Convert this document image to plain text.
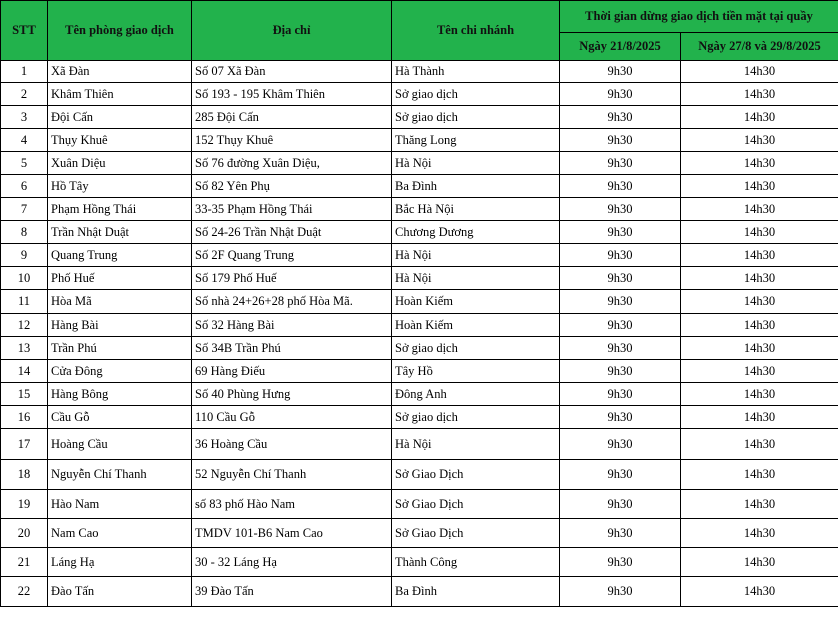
STT	Tên phòng giao dịch	Địa chỉ	Tên chi nhánh	Thời gian dừng giao dịch tiền mặt tại quầy	
				Ngày 21/8/2025	Ngày 27/8 và 29/8/2025
1	Xã Đàn	Số 07 Xã Đàn	Hà Thành	9h30	14h30
2	Khâm Thiên	Số 193 - 195 Khâm Thiên	Sở giao dịch	9h30	14h30
3	Đội Cấn	285 Đội Cấn	Sở giao dịch	9h30	14h30
4	Thụy Khuê	152 Thụy Khuê	Thăng Long	9h30	14h30
5	Xuân Diệu	Số 76 đường Xuân Diệu,	Hà Nội	9h30	14h30
6	Hồ Tây	Số 82 Yên Phụ	Ba Đình	9h30	14h30
7	Phạm Hồng Thái	33-35 Phạm Hồng Thái	Bắc Hà Nội	9h30	14h30
8	Trần Nhật Duật	Số 24-26 Trần Nhật Duật	Chương Dương	9h30	14h30
9	Quang Trung	Số 2F Quang Trung	Hà Nội	9h30	14h30
10	Phố Huế	Số 179 Phố Huế	Hà Nội	9h30	14h30
11	Hòa Mã	Số nhà 24+26+28 phố Hòa Mã.	Hoàn Kiếm	9h30	14h30
12	Hàng Bài	Số 32 Hàng Bài	Hoàn Kiếm	9h30	14h30
13	Trần Phú	Số 34B Trần Phú	Sở giao dịch	9h30	14h30
14	Cửa Đông	69 Hàng Điếu	Tây Hồ	9h30	14h30
15	Hàng Bông	Số 40 Phùng Hưng	Đông Anh	9h30	14h30
16	Cầu Gỗ	110 Cầu Gỗ	Sở giao dịch	9h30	14h30
17	Hoàng Cầu	36 Hoàng Cầu	Hà Nội	9h30	14h30
18	Nguyễn Chí Thanh	52 Nguyễn Chí Thanh	Sở Giao Dịch	9h30	14h30
19	Hào Nam	số 83 phố Hào Nam	Sở Giao Dịch	9h30	14h30
20	Nam Cao	TMDV 101-B6 Nam Cao	Sở Giao Dịch	9h30	14h30
21	Láng Hạ	30 - 32 Láng Hạ	Thành Công	9h30	14h30
22	Đào Tấn	39 Đào Tấn	Ba Đình	9h30	14h30
